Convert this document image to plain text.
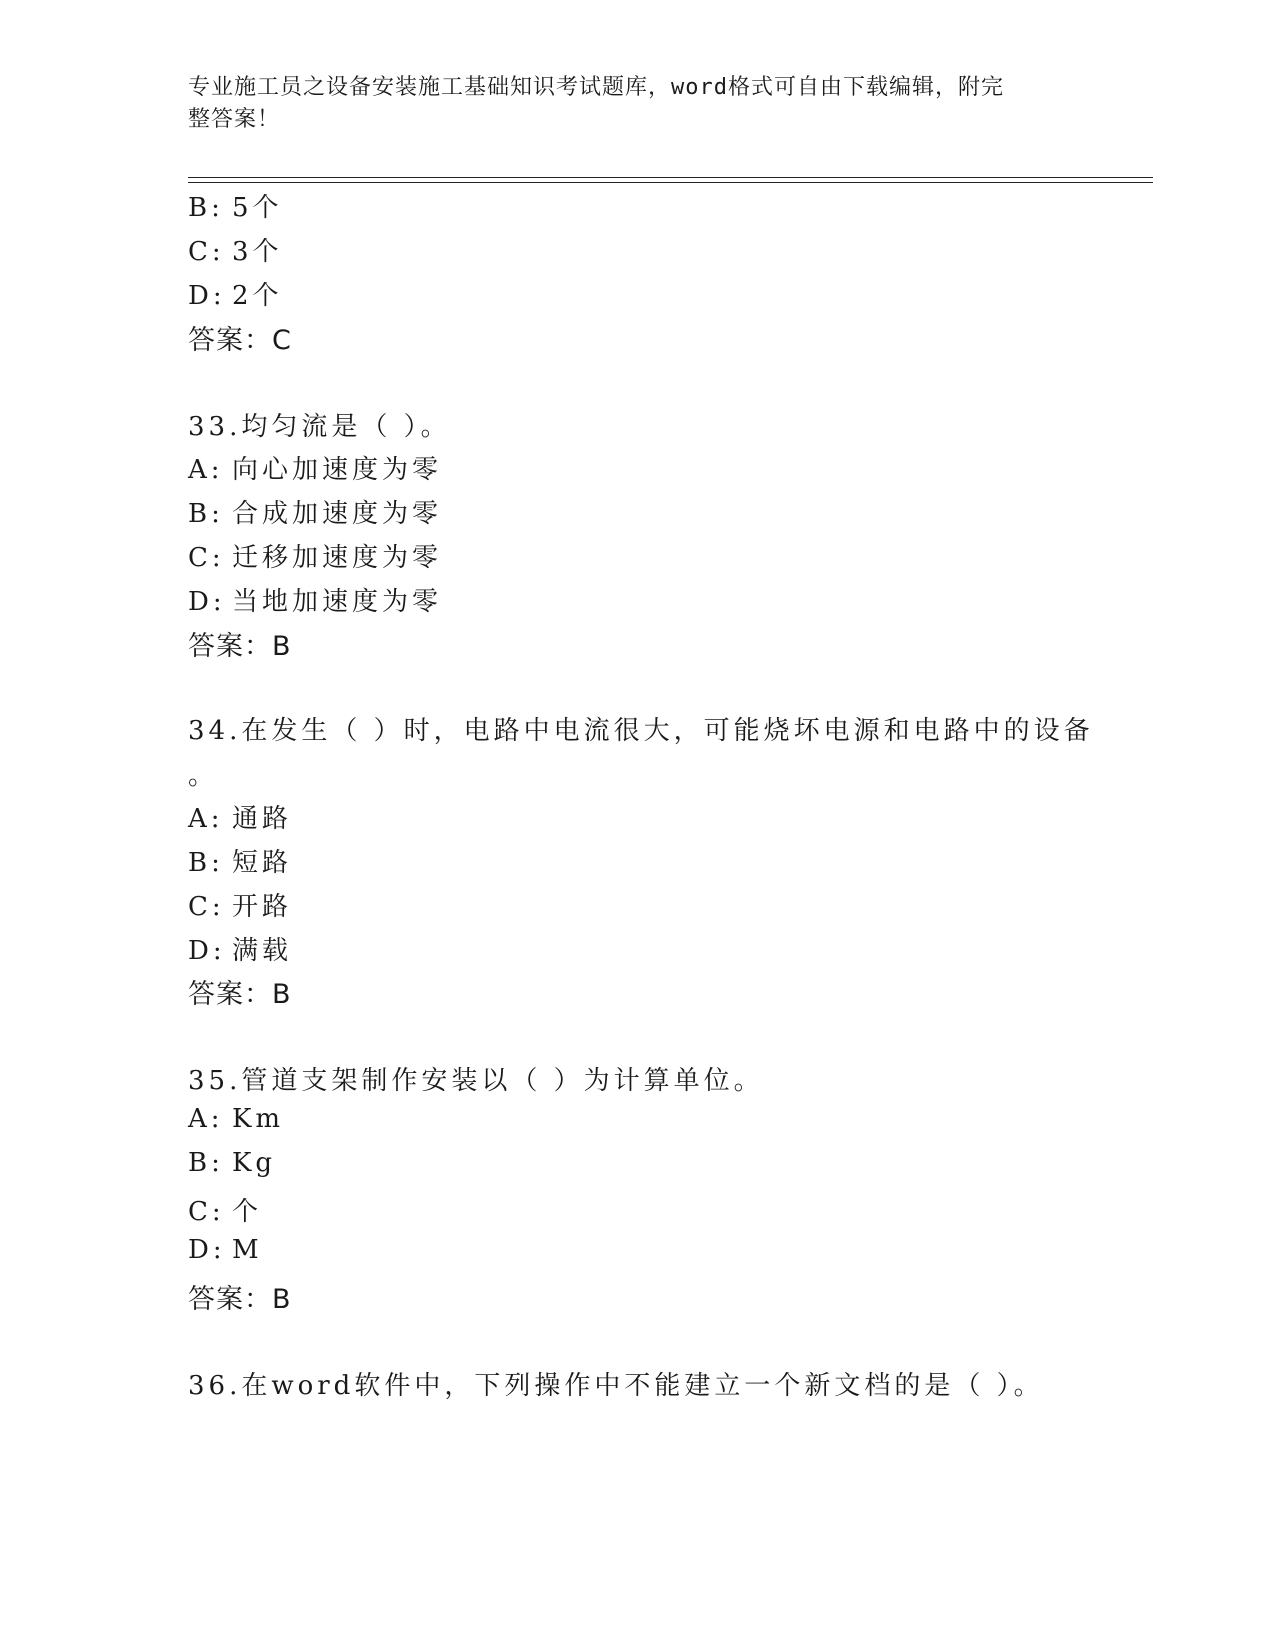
专业施工员之设备安装施工基础知识考试题库，word格式可自由下载编辑，附完
整答案！
B: 5个
C: 3个
D: 2个
答案：C
33.均匀流是（ ）。
A: 向心加速度为零
B: 合成加速度为零
C: 迁移加速度为零
D: 当地加速度为零
答案：B
34.在发生（ ）时，电路中电流很大，可能烧坏电源和电路中的设备
。
A: 通路
B: 短路
C: 开路
D: 满载
答案：B
35.管道支架制作安装以（ ）为计算单位。
A: Km
B: Kg
C: 个
D: M
答案：B
36.在word软件中，下列操作中不能建立一个新文档的是（ ）。
